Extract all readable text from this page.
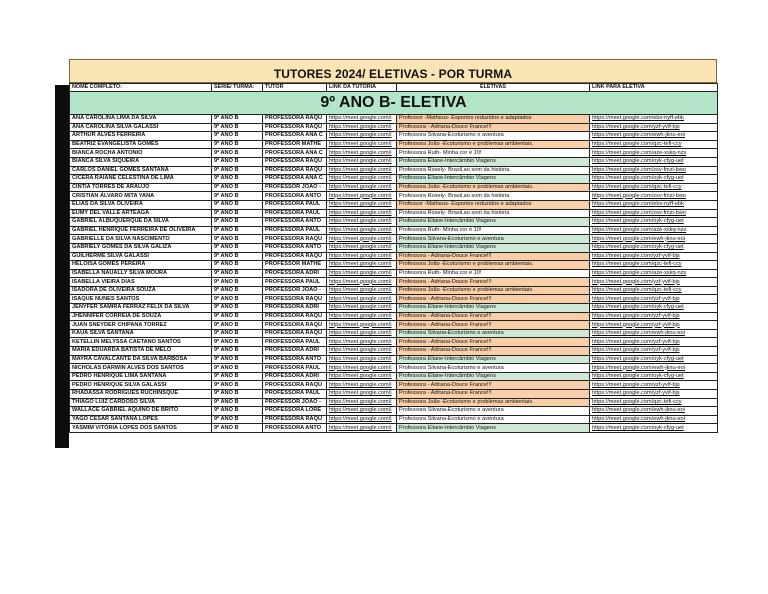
TUTORES 2024/ ELETIVAS - POR TURMA
NOME COMPLETO:	SÉRIE/ TURMA:	TUTOR	LINK DA TUTORIA	ELETIVAS	LINK PARA ELETIVA
9º ANO B- ELETIVA					
ANA CAROLINA LIMA DA SILVA	9º ANO B	PROFESSORA RAQU	https://meet.google.com/i	Professor -Matheus- Esportes reduzidos e adaptados	https://meet.google.com/ebx-nyff-ebk
ANA CAROLINA SILVA GALASSI	9º ANO B	PROFESSORA RAQU	https://meet.google.com/i	Professora - Adriana-Douce France!!!	https://meet.google.com/yzf-yvif-bjs
ARTHUR ALVES FERREIRA	9º ANO B	PROFESSORA ANA C	https://meet.google.com/i	Professora Silvana-Ecoturismo e aventura	https://meet.google.com/ewh-jknu-eoi
BEATRIZ EVANGELISTA GOMES	9º ANO B	PROFESSOR MATHE	https://meet.google.com/i	Professora João -Ecoturismo e problemas ambientais.	https://meet.google.com/qzc-tefi-ccy
BIANCA ROCHA ANTONIO	9º ANO B	PROFESSORA ANA C	https://meet.google.com/i	Professora Ruth- Minha cor é 10!	https://meet.google.com/aze-xskq-nzs
BIANCA SILVA SIQUEIRA	9º ANO B	PROFESSORA RAQU	https://meet.google.com/i	Professora Eliane-Intercâmbio Viagens	https://meet.google.com/oyk-cfyg-uet
CARLOS DANIEL GOMES SANTANA	9º ANO B	PROFESSORA RAQU	https://meet.google.com/i	Professora Rosely- Brasil,ao som da história	https://meet.google.com/zsv-fmzi-bwo
CICERA RAIANE CELESTINA DE LIMA	9º ANO B	PROFESSORA ANA C	https://meet.google.com/i	Professora Eliane-Intercâmbio Viagens	https://meet.google.com/oyk-cfyg-uet
CINTIA TORRES DE ARAUJO	9º ANO B	PROFESSOR JOÃO -	https://meet.google.com/i	Professora João -Ecoturismo e problemas ambientais.	https://meet.google.com/qzc-tefi-ccy
CRISTIAN ÁLVARO MITA YANA	9º ANO B	PROFESSORA ANTO	https://meet.google.com/i	Professora Rosely- Brasil,ao som da história	https://meet.google.com/zsv-fmzi-bwo
ELIAS DA SILVA OLIVEIRA	9º ANO B	PROFESSORA PAUL	https://meet.google.com/i	Professor -Matheus- Esportes reduzidos e adaptados	https://meet.google.com/ebx-nyff-ebk
EUMY DEL VALLE ARTEAGA	9º ANO B	PROFESSORA PAUL	https://meet.google.com/i	Professora Rosely- Brasil,ao som da história	https://meet.google.com/zsv-fmzi-bwo
GABRIEL ALBUQUERQUE DA SILVA	9º ANO B	PROFESSORA ANTO	https://meet.google.com/i	Professora Eliane-Intercâmbio Viagens	https://meet.google.com/oyk-cfyg-uet
GABRIEL HENRIQUE FERREIRA DE OLIVEIRA	9º ANO B	PROFESSORA PAUL	https://meet.google.com/i	Professora Ruth- Minha cor é 10!	https://meet.google.com/aze-xskq-nzs
GABRIELLE DA SILVA NASCIMENTO	9º ANO B	PROFESSORA RAQU	https://meet.google.com/i	Professora Silvana-Ecoturismo e aventura	https://meet.google.com/ewh-jknu-eoi
GABRIELY GOMES DA SILVA GALIZA	9º ANO B	PROFESSORA ANTO	https://meet.google.com/i	Professora Eliane-Intercâmbio Viagens	https://meet.google.com/oyk-cfyg-uet
GUILHERME SILVA GALASSI	9º ANO B	PROFESSORA RAQU	https://meet.google.com/i	Professora - Adriana-Douce France!!!	https://meet.google.com/yzf-yvif-bjs
HELOISA GOMES PEREIRA	9º ANO B	PROFESSOR MATHE	https://meet.google.com/i	Professora João -Ecoturismo e problemas ambientais.	https://meet.google.com/qzc-tefi-ccy
ISABELLA NAUALLY SILVA MOURA	9º ANO B	PROFESSORA ADRI	https://meet.google.com/i	Professora Ruth- Minha cor é 10!	https://meet.google.com/aze-xskq-nzs
ISABELLA VIEIRA DIAS	9º ANO B	PROFESSORA PAUL	https://meet.google.com/i	Professora - Adriana-Douce France!!!	https://meet.google.com/yzf-yvif-bjs
ISADORA DE OLIVEIRA SOUZA	9º ANO B	PROFESSOR JOÃO -	https://meet.google.com/i	Professora João -Ecoturismo e problemas ambientais.	https://meet.google.com/qzc-tefi-ccy
ISAQUE NUNES SANTOS	9º ANO B	PROFESSORA RAQU	https://meet.google.com/i	Professora - Adriana-Douce France!!!	https://meet.google.com/yzf-yvif-bjs
JENYFER SAMIRA FERRAZ FELIX DA SILVA	9º ANO B	PROFESSORA ADRI	https://meet.google.com/i	Professora Eliane-Intercâmbio Viagens	https://meet.google.com/oyk-cfyg-uet
JHENNIFER CORREIA DE SOUZA	9º ANO B	PROFESSORA RAQU	https://meet.google.com/i	Professora - Adriana-Douce France!!!	https://meet.google.com/yzf-yvif-bjs
JUAN SNEYDER CHIPANA TORREZ	9º ANO B	PROFESSORA RAQU	https://meet.google.com/i	Professora - Adriana-Douce France!!!	https://meet.google.com/yzf-yvif-bjs
KAUÃ SILVA SANTANA	9º ANO B	PROFESSORA RAQU	https://meet.google.com/i	Professora Silvana-Ecoturismo e aventura	https://meet.google.com/ewh-jknu-eoi
KETELLIN MELYSSA CAETANO SANTOS	9º ANO B	PROFESSORA PAUL	https://meet.google.com/i	Professora - Adriana-Douce France!!!	https://meet.google.com/yzf-yvif-bjs
MARIA EDUARDA BATISTA DE MELO	9º ANO B	PROFESSORA ADRI	https://meet.google.com/i	Professora - Adriana-Douce France!!!	https://meet.google.com/yzf-yvif-bjs
MAYRA CAVALCANTE DA SILVA BARBOSA	9º ANO B	PROFESSORA ANTO	https://meet.google.com/i	Professora Eliane-Intercâmbio Viagens	https://meet.google.com/oyk-cfyg-uet
NICHOLAS DARWIN ALVES DOS SANTOS	9º ANO B	PROFESSORA PAUL	https://meet.google.com/i	Professora Silvana-Ecoturismo e aventura	https://meet.google.com/ewh-jknu-eoi
PEDRO HENRIQUE LIMA SANTANA	9º ANO B	PROFESSORA ADRI	https://meet.google.com/i	Professora Eliane-Intercâmbio Viagens	https://meet.google.com/oyk-cfyg-uet
PEDRO HENRIQUE SILVA GALASSI	9º ANO B	PROFESSORA RAQU	https://meet.google.com/i	Professora - Adriana-Douce France!!!	https://meet.google.com/yzf-yvif-bjs
RHADASSA RODRIGUES RUCHINSQUE	9º ANO B	PROFESSORA PAUL	https://meet.google.com/i	Professora - Adriana-Douce France!!!	https://meet.google.com/yzf-yvif-bjs
THIAGO LUIZ CARDOSO SILVA	9º ANO B	PROFESSOR JOÃO -	https://meet.google.com/i	Professora João -Ecoturismo e problemas ambientais.	https://meet.google.com/qzc-tefi-ccy
WALLACE GABRIEL AQUINO DE BRITO	9º ANO B	PROFESSORA LORE	https://meet.google.com/i	Professora Silvana-Ecoturismo e aventura	https://meet.google.com/ewh-jknu-eoi
YAGO CESAR SANTANA LOPES	9º ANO B	PROFESSORA RAQU	https://meet.google.com/i	Professora Silvana-Ecoturismo e aventura	https://meet.google.com/ewh-jknu-eoi
YASMIM VITÓRIA LOPES DOS SANTOS	9º ANO B	PROFESSORA ANTO	https://meet.google.com/i	Professora Eliane-Intercâmbio Viagens	https://meet.google.com/oyk-cfyg-uet
